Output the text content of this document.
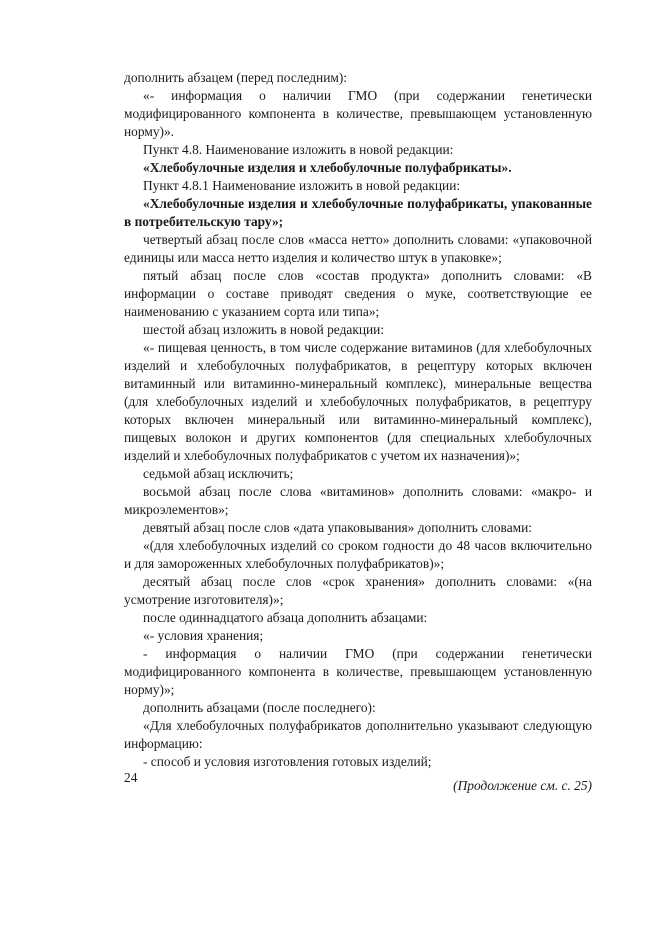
дополнить абзацем (перед последним):

«- информация о наличии ГМО (при содержании генетически модифицированного компонента в количестве, превышающем установленную норму)».

Пункт 4.8. Наименование изложить в новой редакции:

«Хлебобулочные изделия и хлебобулочные полуфабрикаты».

Пункт 4.8.1 Наименование изложить в новой редакции:

«Хлебобулочные изделия и хлебобулочные полуфабрикаты, упакованные в потребительскую тару»;

четвертый абзац после слов «масса нетто» дополнить словами: «упаковочной единицы или масса нетто изделия и количество штук в упаковке»;

пятый абзац после слов «состав продукта» дополнить словами: «В информации о составе приводят сведения о муке, соответствующие ее наименованию с указанием сорта или типа»;

шестой абзац изложить в новой редакции:

«- пищевая ценность, в том числе содержание витаминов (для хлебобулочных изделий и хлебобулочных полуфабрикатов, в рецептуру которых включен витаминный или витаминно-минеральный комплекс), минеральные вещества (для хлебобулочных изделий и хлебобулочных полуфабрикатов, в рецептуру которых включен минеральный или витаминно-минеральный комплекс), пищевых волокон и других компонентов (для специальных хлебобулочных изделий и хлебобулочных полуфабрикатов с учетом их назначения)»;

седьмой абзац исключить;

восьмой абзац после слова «витаминов» дополнить словами: «макро- и микроэлементов»;

девятый абзац после слов «дата упаковывания» дополнить словами:

«(для хлебобулочных изделий со сроком годности до 48 часов включительно и для замороженных хлебобулочных полуфабрикатов)»;

десятый абзац после слов «срок хранения» дополнить словами: «(на усмотрение изготовителя)»;

после одиннадцатого абзаца дополнить абзацами:

«- условия хранения;

- информация о наличии ГМО (при содержании генетически модифицированного компонента в количестве, превышающем установленную норму)»;

дополнить абзацами (после последнего):

«Для хлебобулочных полуфабрикатов дополнительно указывают следующую информацию:

- способ и условия изготовления готовых изделий;

(Продолжение см. с. 25)

24
